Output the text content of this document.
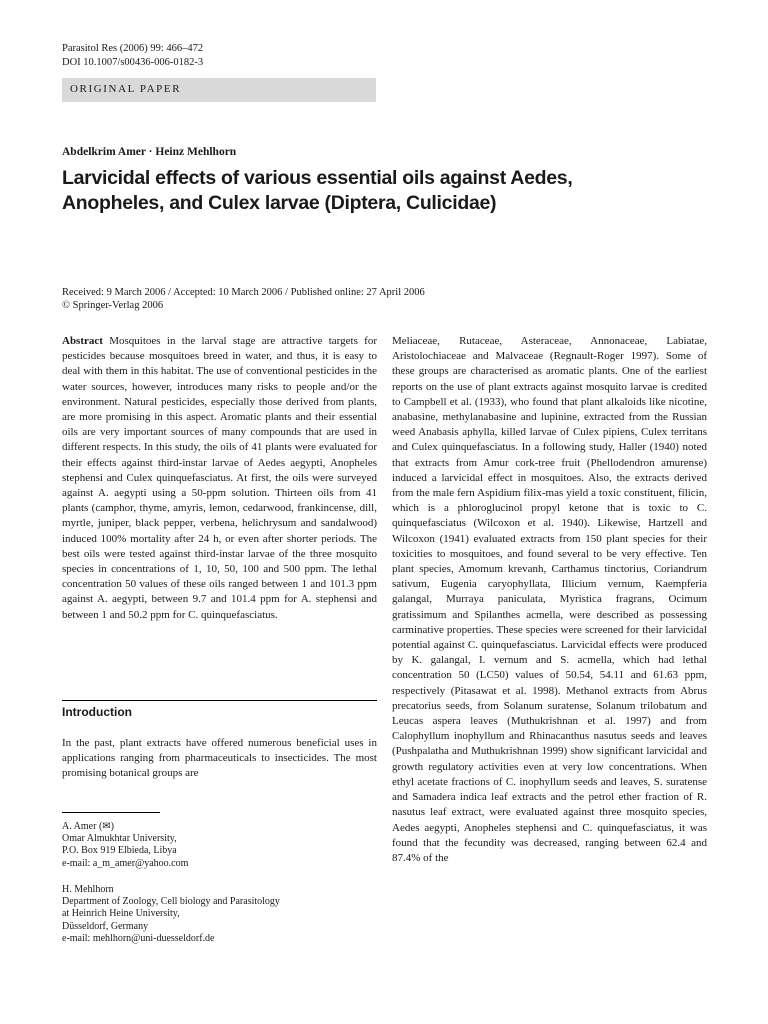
Parasitol Res (2006) 99: 466–472
DOI 10.1007/s00436-006-0182-3
ORIGINAL PAPER
Abdelkrim Amer · Heinz Mehlhorn
Larvicidal effects of various essential oils against Aedes, Anopheles, and Culex larvae (Diptera, Culicidae)
Received: 9 March 2006 / Accepted: 10 March 2006 / Published online: 27 April 2006
© Springer-Verlag 2006

Abstract Mosquitoes in the larval stage are attractive targets for pesticides because mosquitoes breed in water, and thus, it is easy to deal with them in this habitat. The use of conventional pesticides in the water sources, however, introduces many risks to people and/or the environment. Natural pesticides, especially those derived from plants, are more promising in this aspect. Aromatic plants and their essential oils are very important sources of many compounds that are used in different respects. In this study, the oils of 41 plants were evaluated for their effects against third-instar larvae of Aedes aegypti, Anopheles stephensi and Culex quinquefasciatus. At first, the oils were surveyed against A. aegypti using a 50-ppm solution. Thirteen oils from 41 plants (camphor, thyme, amyris, lemon, cedarwood, frankincense, dill, myrtle, juniper, black pepper, verbena, helichrysum and sandalwood) induced 100% mortality after 24 h, or even after shorter periods. The best oils were tested against third-instar larvae of the three mosquito species in concentrations of 1, 10, 50, 100 and 500 ppm. The lethal concentration 50 values of these oils ranged between 1 and 101.3 ppm against A. aegypti, between 9.7 and 101.4 ppm for A. stephensi and between 1 and 50.2 ppm for C. quinquefasciatus.

Introduction
In the past, plant extracts have offered numerous beneficial uses in applications ranging from pharmaceuticals to insecticides. The most promising botanical groups are
A. Amer (✉)
Omar Almukhtar University,
P.O. Box 919 Elbieda, Libya
e-mail: a_m_amer@yahoo.com
H. Mehlhorn
Department of Zoology, Cell biology and Parasitology
at Heinrich Heine University,
Düsseldorf, Germany
e-mail: mehlhorn@uni-duesseldorf.de
Meliaceae, Rutaceae, Asteraceae, Annonaceae, Labiatae, Aristolochiaceae and Malvaceae (Regnault-Roger 1997). Some of these groups are characterised as aromatic plants. One of the earliest reports on the use of plant extracts against mosquito larvae is credited to Campbell et al. (1933), who found that plant alkaloids like nicotine, anabasine, methylanabasine and lupinine, extracted from the Russian weed Anabasis aphylla, killed larvae of Culex pipiens, Culex territans and Culex quinquefasciatus. In a following study, Haller (1940) noted that extracts from Amur cork-tree fruit (Phellodendron amurense) induced a larvicidal effect in mosquitoes. Also, the extracts derived from the male fern Aspidium filix-mas yield a toxic constituent, filicin, which is a phloroglucinol propyl ketone that is toxic to C. quinquefasciatus (Wilcoxon et al. 1940). Likewise, Hartzell and Wilcoxon (1941) evaluated extracts from 150 plant species for their toxicities to mosquitoes, and found several to be very effective. Ten plant species, Amomum krevanh, Carthamus tinctorius, Coriandrum sativum, Eugenia caryophyllata, Illicium vernum, Kaempferia galangal, Murraya paniculata, Myristica fragrans, Ocimum gratissimum and Spilanthes acmella, were described as possessing carminative properties. These species were screened for their larvicidal potential against C. quinquefasciatus. Larvicidal effects were produced by K. galangal, I. vernum and S. acmella, which had lethal concentration 50 (LC50) values of 50.54, 54.11 and 61.63 ppm, respectively (Pitasawat et al. 1998). Methanol extracts from Abrus precatorius seeds, from Solanum suratense, Solanum trilobatum and Leucas aspera leaves (Muthukrishnan et al. 1997) and from Calophyllum inophyllum and Rhinacanthus nasutus seeds and leaves (Pushpalatha and Muthukrishnan 1999) show significant larvicidal and growth regulatory activities even at very low concentrations. When ethyl acetate fractions of C. inophyllum seeds and leaves, S. suratense and Samadera indica leaf extracts and the petrol ether fraction of R. nasutus leaf extract, were evaluated against three mosquito species, Aedes aegypti, Anopheles stephensi and C. quinquefasciatus, it was found that the fecundity was decreased, ranging between 62.4 and 87.4% of the
